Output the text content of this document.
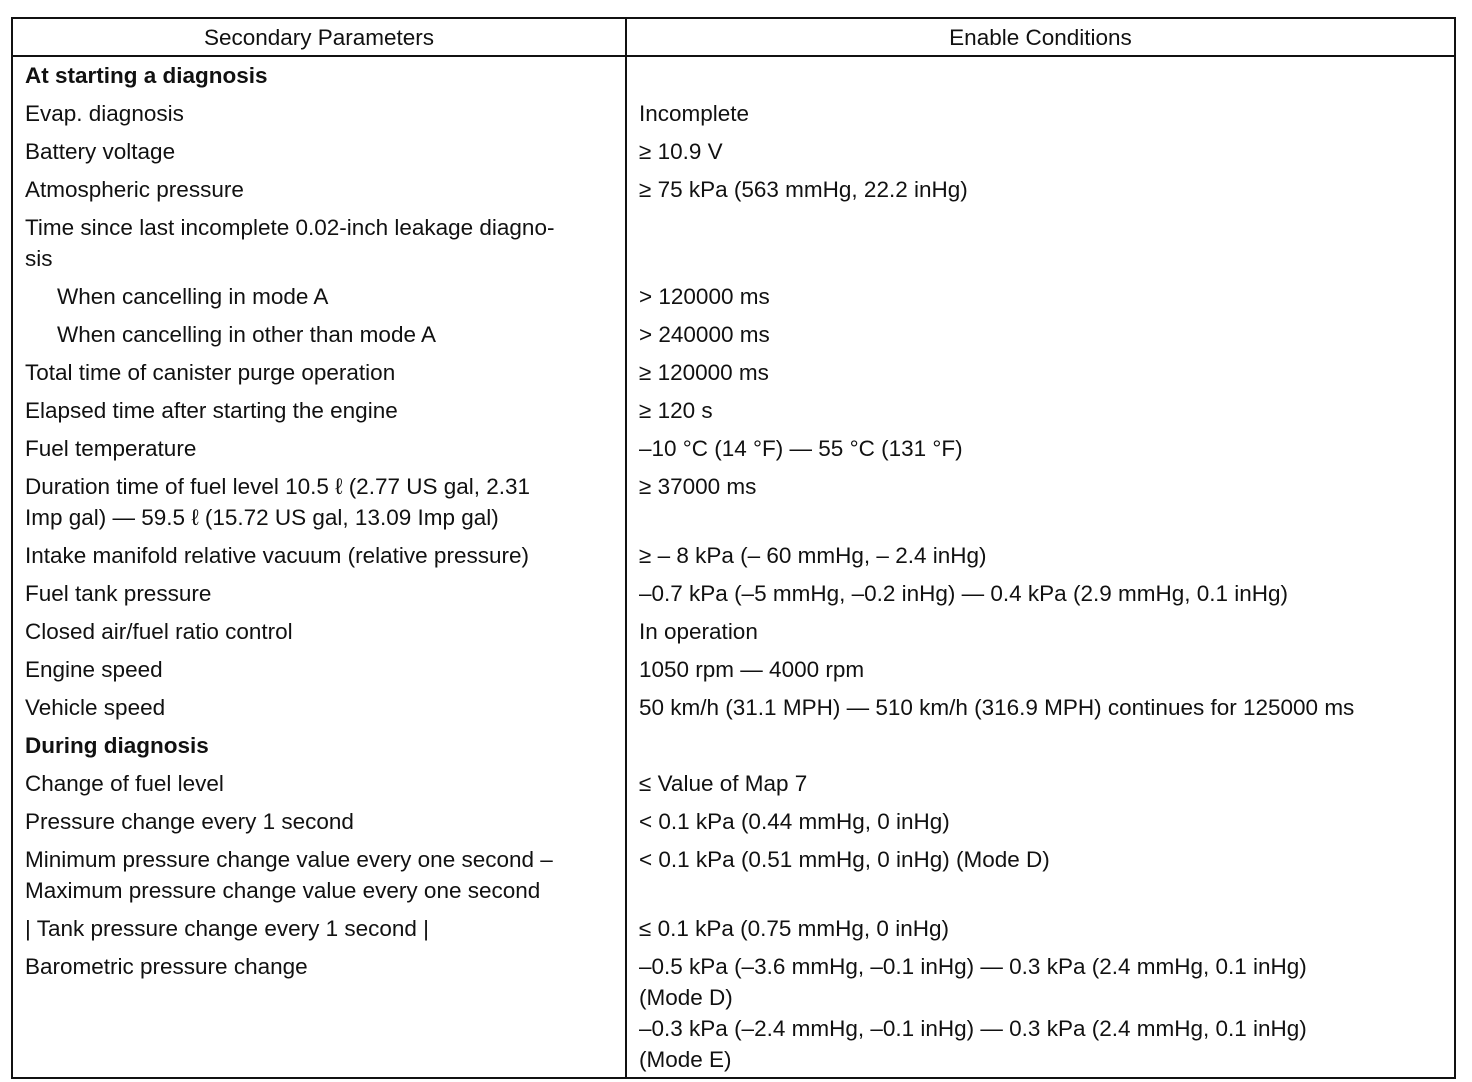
Secondary Parameters	Enable Conditions
At starting a diagnosis	
Evap. diagnosis	Incomplete
Battery voltage	≥ 10.9 V
Atmospheric pressure	≥ 75 kPa (563 mmHg, 22.2 inHg)

Time since last incomplete 0.02-inch leakage diagno-
sis	

When cancelling in mode A	> 120000 ms
When cancelling in other than mode A	> 240000 ms
Total time of canister purge operation	≥ 120000 ms
Elapsed time after starting the engine	≥ 120 s
Fuel temperature	–10 °C (14 °F) — 55 °C (131 °F)

Duration time of fuel level 10.5 ℓ (2.77 US gal, 2.31
Imp gal) — 59.5 ℓ (15.72 US gal, 13.09 Imp gal)	≥ 37000 ms
Intake manifold relative vacuum (relative pressure)	≥ – 8 kPa (– 60 mmHg, – 2.4 inHg)
Fuel tank pressure	–0.7 kPa (–5 mmHg, –0.2 inHg) — 0.4 kPa (2.9 mmHg, 0.1 inHg)
Closed air/fuel ratio control	In operation
Engine speed	1050 rpm — 4000 rpm
Vehicle speed	50 km/h (31.1 MPH) — 510 km/h (316.9 MPH) continues for 125000 ms
During diagnosis	
Change of fuel level	≤ Value of Map 7
Pressure change every 1 second	< 0.1 kPa (0.44 mmHg, 0 inHg)

Minimum pressure change value every one second –
Maximum pressure change value every one second	< 0.1 kPa (0.51 mmHg, 0 inHg) (Mode D)
| Tank pressure change every 1 second |	≤ 0.1 kPa (0.75 mmHg, 0 inHg)
Barometric pressure change	–0.5 kPa (–3.6 mmHg, –0.1 inHg) — 0.3 kPa (2.4 mmHg, 0.1 inHg)
(Mode D)
–0.3 kPa (–2.4 mmHg, –0.1 inHg) — 0.3 kPa (2.4 mmHg, 0.1 inHg)
(Mode E)
